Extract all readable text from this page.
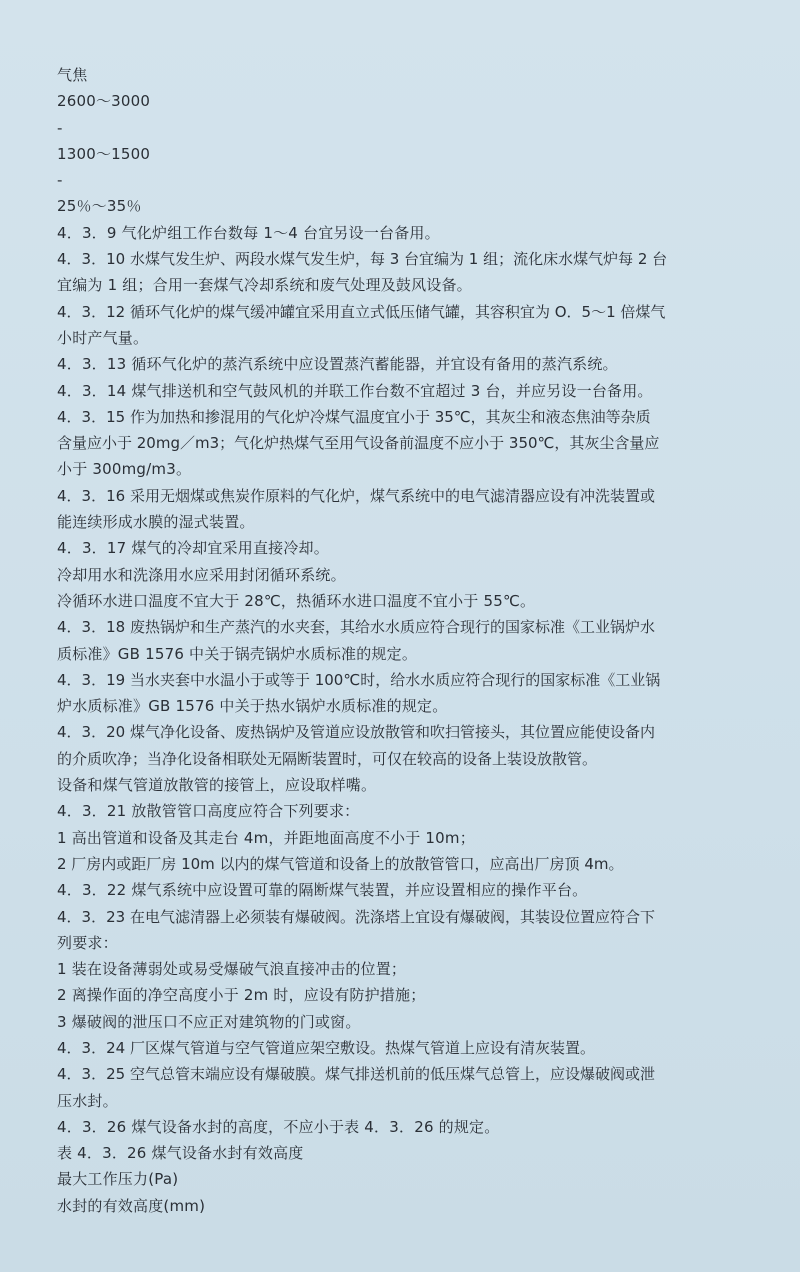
气焦
2600～3000
-
1300～1500
-
25％～35％
4．3．9 气化炉组工作台数每 1～4 台宜另设一台备用。
4．3．10 水煤气发生炉、两段水煤气发生炉，每 3 台宜编为 1 组；流化床水煤气炉每 2 台
宜编为 1 组；合用一套煤气冷却系统和废气处理及鼓风设备。
4．3．12 循环气化炉的煤气缓冲罐宜采用直立式低压储气罐，其容积宜为 O．5～1 倍煤气
小时产气量。
4．3．13 循环气化炉的蒸汽系统中应设置蒸汽蓄能器，并宜设有备用的蒸汽系统。
4．3．14 煤气排送机和空气鼓风机的并联工作台数不宜超过 3 台，并应另设一台备用。
4．3．15 作为加热和掺混用的气化炉冷煤气温度宜小于 35℃，其灰尘和液态焦油等杂质
含量应小于 20mg／m3；气化炉热煤气至用气设备前温度不应小于 350℃，其灰尘含量应
小于 300mg/m3。
4．3．16 采用无烟煤或焦炭作原料的气化炉，煤气系统中的电气滤清器应设有冲洗装置或
能连续形成水膜的湿式装置。
4．3．17 煤气的冷却宜采用直接冷却。
冷却用水和洗涤用水应采用封闭循环系统。
冷循环水进口温度不宜大于 28℃，热循环水进口温度不宜小于 55℃。
4．3．18 废热锅炉和生产蒸汽的水夹套，其给水水质应符合现行的国家标准《工业锅炉水
质标准》GB 1576 中关于锅壳锅炉水质标准的规定。
4．3．19 当水夹套中水温小于或等于 100℃时，给水水质应符合现行的国家标准《工业锅
炉水质标准》GB 1576 中关于热水锅炉水质标准的规定。
4．3．20 煤气净化设备、废热锅炉及管道应设放散管和吹扫管接头，其位置应能使设备内
的介质吹净；当净化设备相联处无隔断装置时，可仅在较高的设备上装设放散管。
设备和煤气管道放散管的接管上，应设取样嘴。
4．3．21 放散管管口高度应符合下列要求：
1 高出管道和设备及其走台 4m，并距地面高度不小于 10m；
2 厂房内或距厂房 10m 以内的煤气管道和设备上的放散管管口，应高出厂房顶 4m。
4．3．22 煤气系统中应设置可靠的隔断煤气装置，并应设置相应的操作平台。
4．3．23 在电气滤清器上必须装有爆破阀。洗涤塔上宜设有爆破阀，其装设位置应符合下
列要求：
1 装在设备薄弱处或易受爆破气浪直接冲击的位置；
2 离操作面的净空高度小于 2m 时，应设有防护措施；
3 爆破阀的泄压口不应正对建筑物的门或窗。
4．3．24 厂区煤气管道与空气管道应架空敷设。热煤气管道上应设有清灰装置。
4．3．25 空气总管末端应设有爆破膜。煤气排送机前的低压煤气总管上，应设爆破阀或泄
压水封。
4．3．26 煤气设备水封的高度，不应小于表 4．3．26 的规定。
表 4．3．26 煤气设备水封有效高度
最大工作压力(Pa)
水封的有效高度(mm)
